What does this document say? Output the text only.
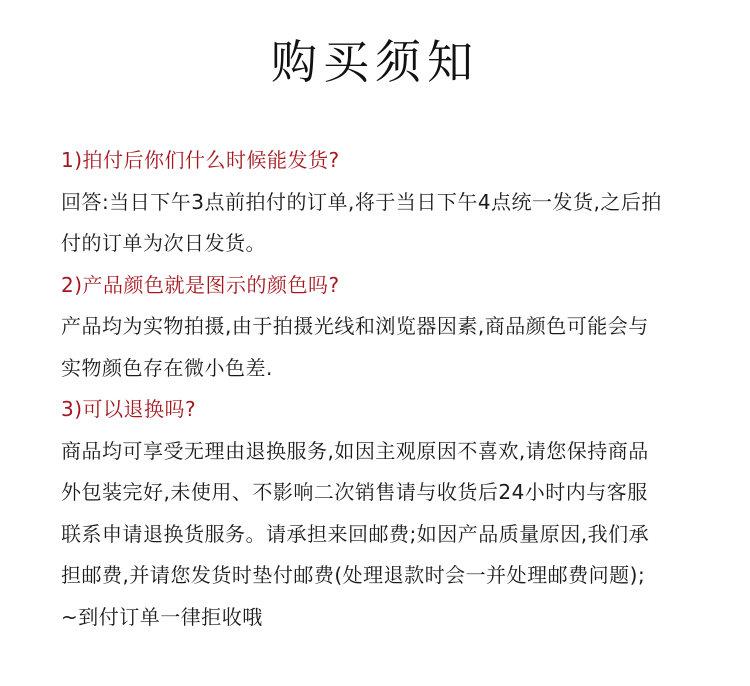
购买须知
1)拍付后你们什么时候能发货?
回答:当日下午3点前拍付的订单,将于当日下午4点统一发货,之后拍
付的订单为次日发货。
2)产品颜色就是图示的颜色吗?
产品均为实物拍摄,由于拍摄光线和浏览器因素,商品颜色可能会与
实物颜色存在微小色差.
3)可以退换吗?
商品均可享受无理由退换服务,如因主观原因不喜欢,请您保持商品
外包装完好,未使用、不影响二次销售请与收货后24小时内与客服
联系申请退换货服务。请承担来回邮费;如因产品质量原因,我们承
担邮费,并请您发货时垫付邮费(处理退款时会一并处理邮费问题);
~到付订单一律拒收哦
